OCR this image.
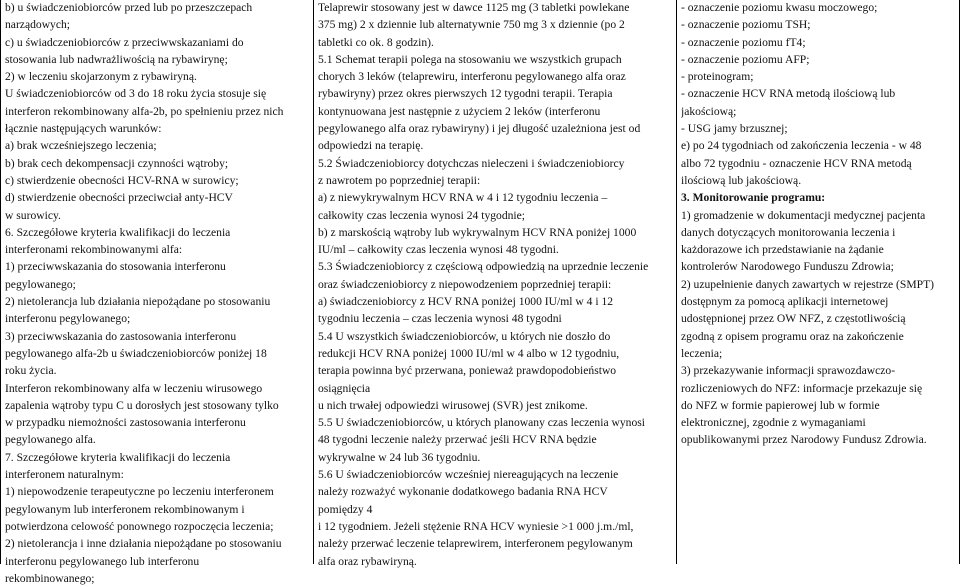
b) u świadczeniobiorców przed lub po przeszczepach
narządowych;
c) u świadczeniobiorców z przeciwwskazaniami do
stosowania lub nadwrażliwością na rybawirynę;
2) w leczeniu skojarzonym z rybawiryną.
U świadczeniobiorców od 3 do 18 roku życia stosuje się
interferon rekombinowany alfa-2b, po spełnieniu przez nich
łącznie następujących warunków:
a) brak wcześniejszego leczenia;
b) brak cech dekompensacji czynności wątroby;
c) stwierdzenie obecności HCV-RNA w surowicy;
d) stwierdzenie obecności przeciwciał anty-HCV
w surowicy.
6. Szczegółowe kryteria kwalifikacji do leczenia
interferonami rekombinowanymi alfa:
1) przeciwwskazania do stosowania interferonu
pegylowanego;
2) nietolerancja lub działania niepożądane po stosowaniu
interferonu pegylowanego;
3) przeciwwskazania do zastosowania interferonu
pegylowanego alfa-2b u świadczeniobiorców poniżej 18
roku życia.
Interferon rekombinowany alfa w leczeniu wirusowego
zapalenia wątroby typu C u dorosłych jest stosowany tylko
w przypadku niemożności zastosowania interferonu
pegylowanego alfa.
7. Szczegółowe kryteria kwalifikacji do leczenia
interferonem naturalnym:
1) niepowodzenie terapeutyczne po leczeniu interferonem
pegylowanym lub interferonem rekombinowanym i
potwierdzona celowość ponownego rozpoczęcia leczenia;
2) nietolerancja i inne działania niepożądane po stosowaniu
interferonu pegylowanego lub interferonu
rekombinowanego;
Telaprewir stosowany jest w dawce 1125 mg (3 tabletki powlekane
375 mg) 2 x dziennie lub alternatywnie 750 mg 3 x dziennie (po 2
tabletki co ok. 8 godzin).
5.1 Schemat terapii polega na stosowaniu we wszystkich grupach
chorych 3 leków (telaprewiru, interferonu pegylowanego alfa oraz
rybawiryny) przez okres pierwszych 12 tygodni terapii. Terapia
kontynuowana jest następnie z użyciem 2 leków (interferonu
pegylowanego alfa oraz rybawiryny) i jej długość uzależniona jest od
odpowiedzi na terapię.
5.2 Świadczeniobiorcy dotychczas nieleczeni i świadczeniobiorcy
z nawrotem po poprzedniej terapii:
a) z niewykrywalnym HCV RNA w 4 i 12 tygodniu leczenia –
całkowity czas leczenia wynosi 24 tygodnie;
b) z marskością wątroby lub wykrywalnym HCV RNA poniżej 1000
IU/ml – całkowity czas leczenia wynosi 48 tygodni.
5.3 Świadczeniobiorcy z częściową odpowiedzią na uprzednie leczenie
oraz świadczeniobiorcy z niepowodzeniem poprzedniej terapii:
a) świadczeniobiorcy z HCV RNA poniżej 1000 IU/ml w 4 i 12
tygodniu leczenia – czas leczenia wynosi 48 tygodni
5.4 U wszystkich świadczeniobiorców, u których nie doszło do
redukcji HCV RNA poniżej 1000 IU/ml w 4 albo w 12 tygodniu,
terapia powinna być przerwana, ponieważ prawdopodobieństwo
osiągnięcia
u nich trwałej odpowiedzi wirusowej (SVR) jest znikome.
5.5 U świadczeniobiorców, u których planowany czas leczenia wynosi
48 tygodni leczenie należy przerwać jeśli HCV RNA będzie
wykrywalne w 24 lub 36 tygodniu.
5.6 U świadczeniobiorców wcześniej niereagujących na leczenie
należy rozważyć wykonanie dodatkowego badania RNA HCV
pomiędzy 4
i 12 tygodniem. Jeżeli stężenie RNA HCV wyniesie >1 000 j.m./ml,
należy przerwać leczenie telaprewirem, interferonem pegylowanym
alfa oraz rybawiryną.
- oznaczenie poziomu kwasu moczowego;
- oznaczenie poziomu TSH;
- oznaczenie poziomu fT4;
- oznaczenie poziomu AFP;
- proteinogram;
- oznaczenie HCV RNA metodą ilościową lub
jakościową;
- USG jamy brzusznej;
e) po 24 tygodniach od zakończenia leczenia - w 48
albo 72 tygodniu - oznaczenie HCV RNA metodą
ilościową lub jakościową.
3. Monitorowanie programu:
1) gromadzenie w dokumentacji medycznej pacjenta
danych dotyczących monitorowania leczenia i
każdorazowe ich przedstawianie na żądanie
kontrolerów Narodowego Funduszu Zdrowia;
2) uzupełnienie danych zawartych w rejestrze (SMPT)
dostępnym za pomocą aplikacji internetowej
udostępnionej przez OW NFZ, z częstotliwością
zgodną z opisem programu oraz na zakończenie
leczenia;
3) przekazywanie informacji sprawozdawczo-
rozliczeniowych do NFZ: informacje przekazuje się
do NFZ w formie papierowej lub w formie
elektronicznej, zgodnie z wymaganiami
opublikowanymi przez Narodowy Fundusz Zdrowia.
